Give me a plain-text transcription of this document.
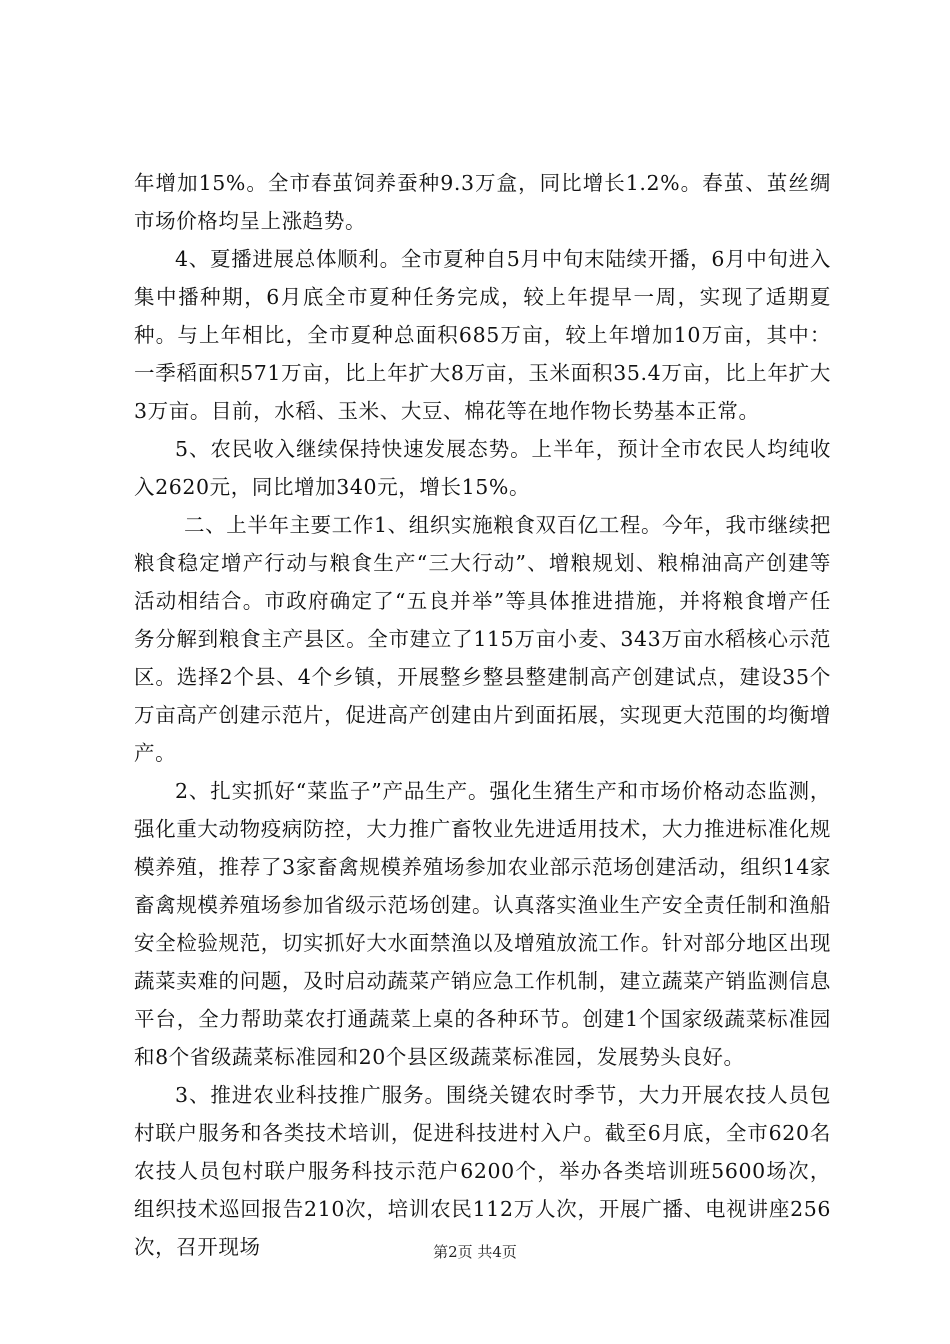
年增加15%。全市春茧饲养蚕种9.3万盒，同比增长1.2%。春茧、茧丝绸市场价格均呈上涨趋势。

4、夏播进展总体顺利。全市夏种自5月中旬末陆续开播，6月中旬进入集中播种期，6月底全市夏种任务完成，较上年提早一周，实现了适期夏种。与上年相比，全市夏种总面积685万亩，较上年增加10万亩，其中：一季稻面积571万亩，比上年扩大8万亩，玉米面积35.4万亩，比上年扩大3万亩。目前，水稻、玉米、大豆、棉花等在地作物长势基本正常。

5、农民收入继续保持快速发展态势。上半年，预计全市农民人均纯收入2620元，同比增加340元，增长15%。

二、上半年主要工作1、组织实施粮食双百亿工程。今年，我市继续把粮食稳定增产行动与粮食生产“三大行动”、增粮规划、粮棉油高产创建等活动相结合。市政府确定了“五良并举”等具体推进措施，并将粮食增产任务分解到粮食主产县区。全市建立了115万亩小麦、343万亩水稻核心示范区。选择2个县、4个乡镇，开展整乡整县整建制高产创建试点，建设35个万亩高产创建示范片，促进高产创建由片到面拓展，实现更大范围的均衡增产。

2、扎实抓好“菜监子”产品生产。强化生猪生产和市场价格动态监测，强化重大动物疫病防控，大力推广畜牧业先进适用技术，大力推进标准化规模养殖，推荐了3家畜禽规模养殖场参加农业部示范场创建活动，组织14家畜禽规模养殖场参加省级示范场创建。认真落实渔业生产安全责任制和渔船安全检验规范，切实抓好大水面禁渔以及增殖放流工作。针对部分地区出现蔬菜卖难的问题，及时启动蔬菜产销应急工作机制，建立蔬菜产销监测信息平台，全力帮助菜农打通蔬菜上桌的各种环节。创建1个国家级蔬菜标准园和8个省级蔬菜标准园和20个县区级蔬菜标准园，发展势头良好。

3、推进农业科技推广服务。围绕关键农时季节，大力开展农技人员包村联户服务和各类技术培训，促进科技进村入户。截至6月底，全市620名农技人员包村联户服务科技示范户6200个，举办各类培训班5600场次，组织技术巡回报告210次，培训农民112万人次，开展广播、电视讲座256次，召开现场	第2页 共4页
